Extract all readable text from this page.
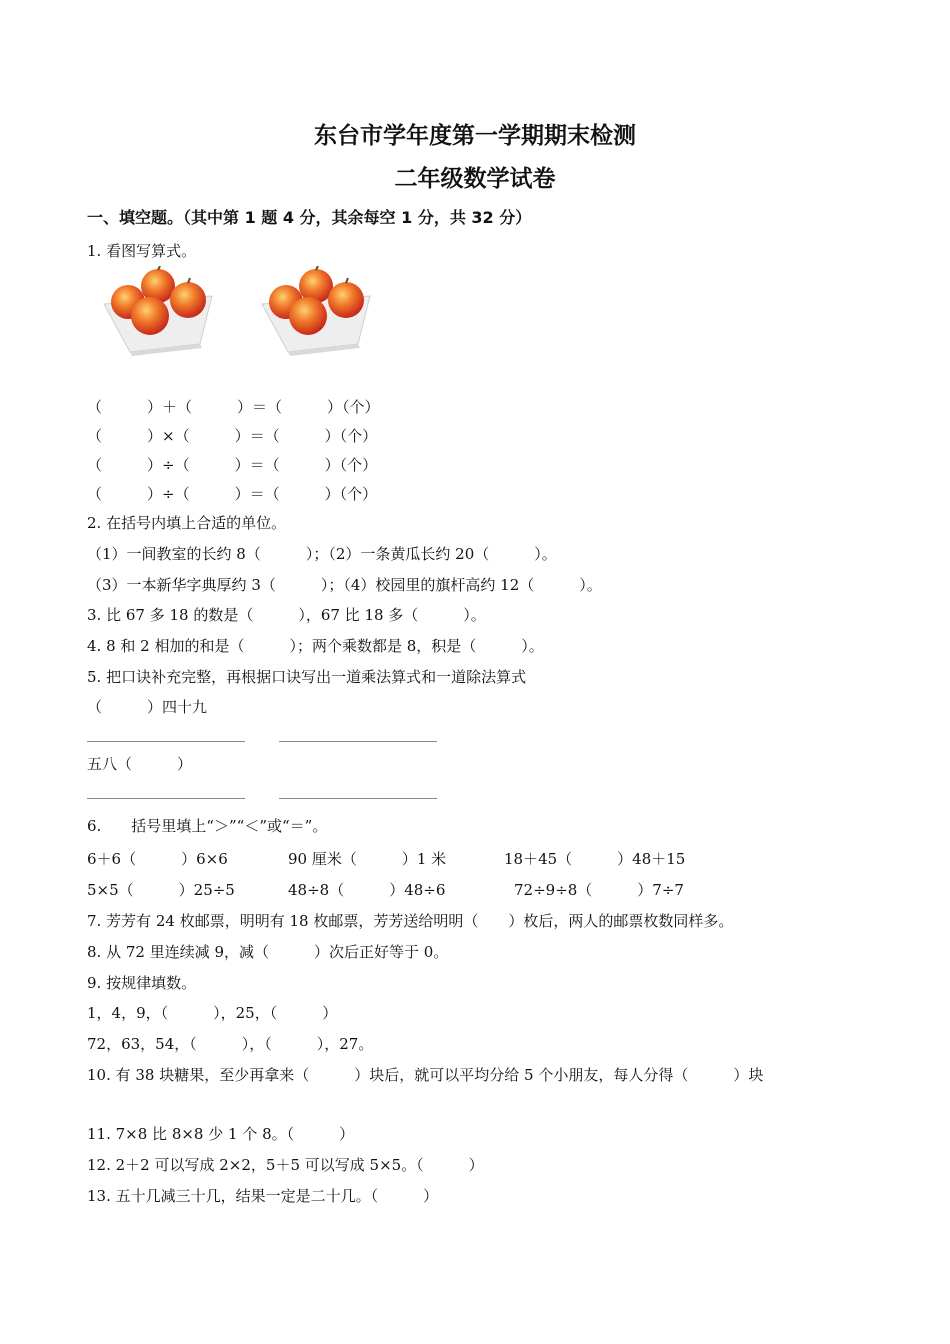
东台市学年度第一学期期末检测
二年级数学试卷
一、填空题。（其中第 1 题 4 分，其余每空 1 分，共 32 分）
1. 看图写算式。
（　　　）＋（　　　）＝（　　　）（个）
（　　　）×（　　　）＝（　　　）（个）
（　　　）÷（　　　）＝（　　　）（个）
（　　　）÷（　　　）＝（　　　）（个）
2. 在括号内填上合适的单位。
（1）一间教室的长约 8（　　　）；（2）一条黄瓜长约 20（　　　）。
（3）一本新华字典厚约 3（　　　）；（4）校园里的旗杆高约 12（　　　）。
3. 比 67 多 18 的数是（　　　），67 比 18 多（　　　）。
4. 8 和 2 相加的和是（　　　）；两个乘数都是 8，积是（　　　）。
5. 把口诀补充完整，再根据口诀写出一道乘法算式和一道除法算式
（　　　）四十九
五八（　　　）
6.　　括号里填上“＞”“＜”或“＝”。
6＋6（　　　）6×6	90 厘米（　　　）1 米	18＋45（　　　）48＋15
5×5（　　　）25÷5	48÷8（　　　）48÷6	72÷9÷8（　　　）7÷7
7. 芳芳有 24 枚邮票，明明有 18 枚邮票，芳芳送给明明（　　）枚后，两人的邮票枚数同样多。
8. 从 72 里连续减 9，减（　　　）次后正好等于 0。
9. 按规律填数。
1，4，9，（　　　），25，（　　　）
72，63，54，（　　　），（　　　），27。
10. 有 38 块糖果，至少再拿来（　　　）块后，就可以平均分给 5 个小朋友，每人分得（　　　）块
11. 7×8 比 8×8 少 1 个 8。（　　　）
12. 2＋2 可以写成 2×2，5＋5 可以写成 5×5。（　　　）
13. 五十几减三十几，结果一定是二十几。（　　　）
